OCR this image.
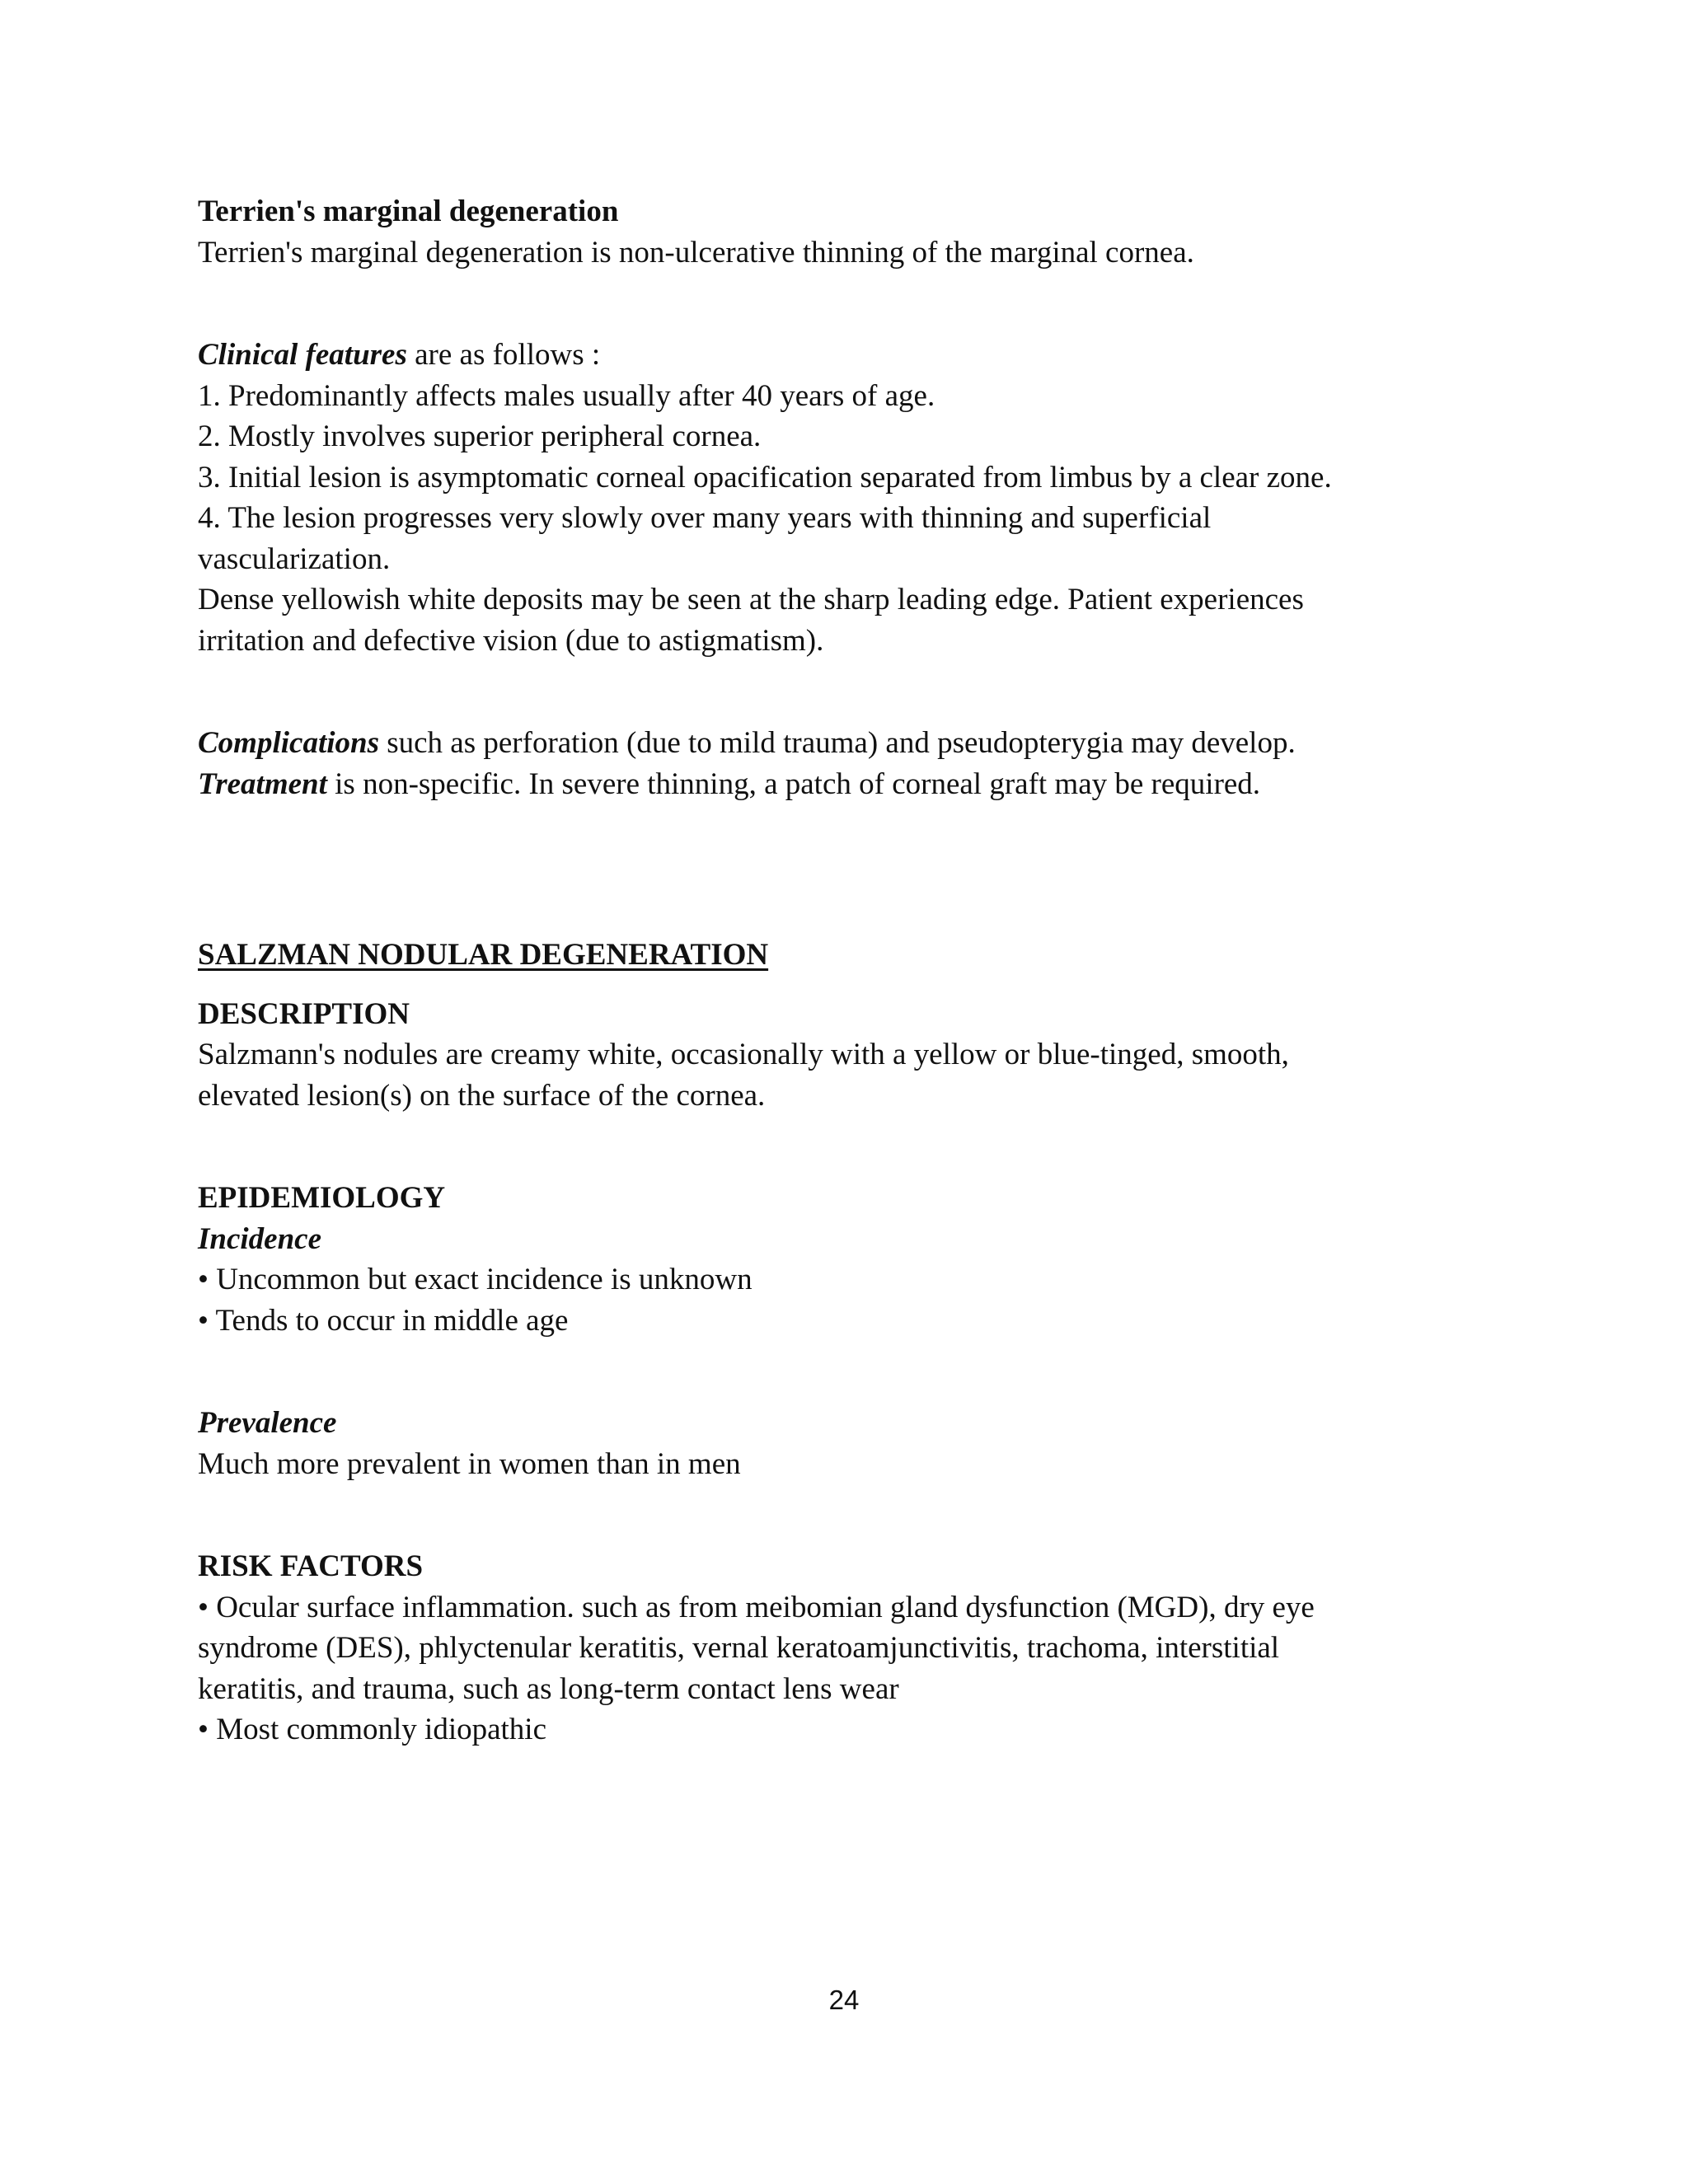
Terrien's marginal degeneration
Terrien's marginal degeneration is non-ulcerative thinning of the marginal cornea.
Clinical features are as follows :
1. Predominantly affects males usually after 40 years of age.
2. Mostly involves superior peripheral cornea.
3. Initial lesion is asymptomatic corneal opacification separated from limbus by a clear zone.
4. The lesion progresses very slowly over many years with thinning and superficial
vascularization.
Dense yellowish white deposits may be seen at the sharp leading edge. Patient experiences
irritation and defective vision (due to astigmatism).
Complications such as perforation (due to mild trauma) and pseudopterygia may develop.
Treatment is non-specific. In severe thinning, a patch of corneal graft may be required.
SALZMAN NODULAR DEGENERATION
DESCRIPTION
Salzmann's nodules are creamy white, occasionally with a yellow or blue-tinged, smooth,
elevated lesion(s) on the surface of the cornea.
EPIDEMIOLOGY
Incidence
• Uncommon but exact incidence is unknown
• Tends to occur in middle age
Prevalence
Much more prevalent in women than in men
RISK FACTORS
• Ocular surface inflammation. such as from meibomian gland dysfunction (MGD), dry eye
syndrome (DES), phlyctenular keratitis, vernal keratoamjunctivitis, trachoma, interstitial
keratitis, and trauma, such as long-term contact lens wear
• Most commonly idiopathic
24
